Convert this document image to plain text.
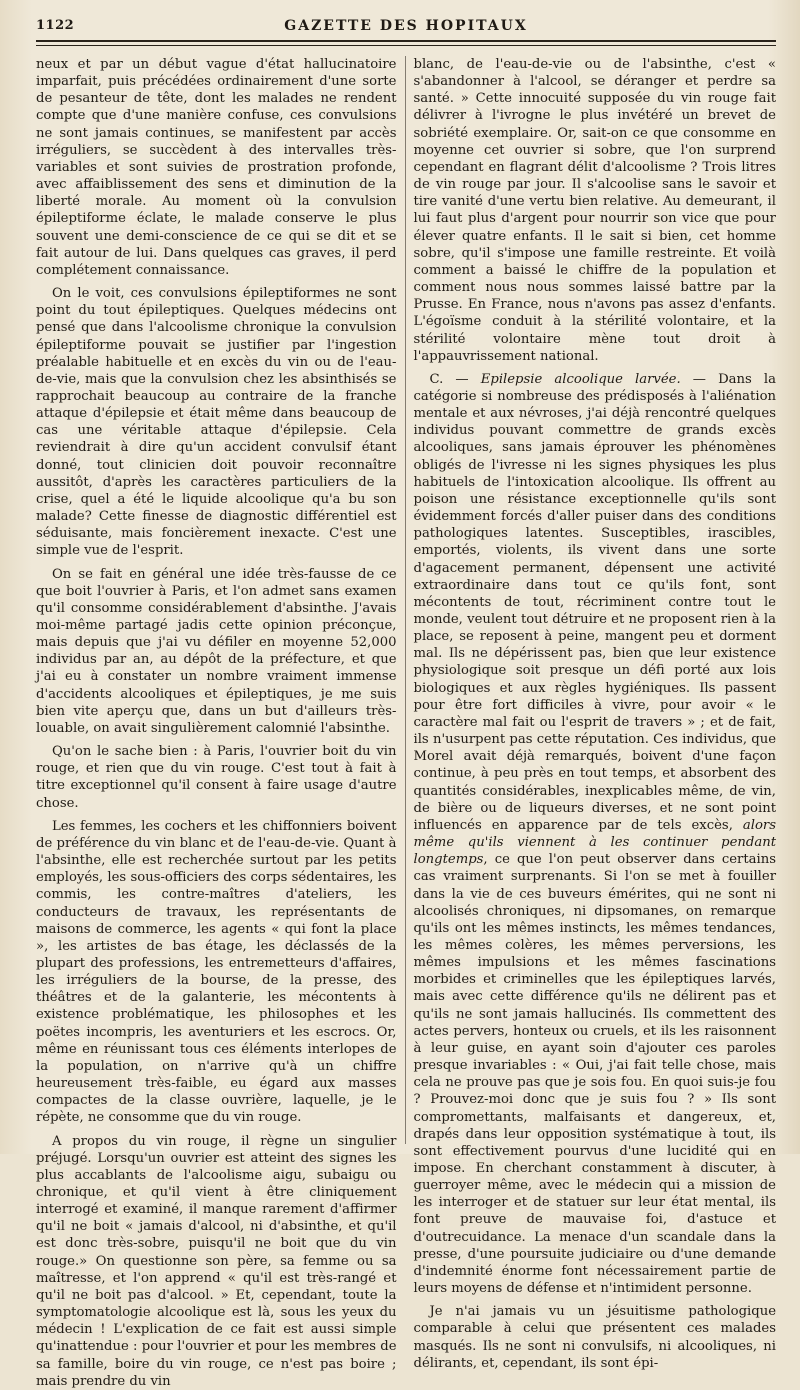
1122	GAZETTE DES HOPITAUX

neux et par un début vague d'état hallucinatoire imparfait, puis précédées ordinairement d'une sorte de pesanteur de tête, dont les malades ne rendent compte que d'une manière confuse, ces convulsions ne sont jamais continues, se manifestent par accès irréguliers, se succèdent à des intervalles très-variables et sont suivies de prostration profonde, avec affaiblissement des sens et diminution de la liberté morale. Au moment où la convulsion épileptiforme éclate, le malade conserve le plus souvent une demi-conscience de ce qui se dit et se fait autour de lui. Dans quelques cas graves, il perd complétement connaissance.

On le voit, ces convulsions épileptiformes ne sont point du tout épileptiques. Quelques médecins ont pensé que dans l'alcoolisme chronique la convulsion épileptiforme pouvait se justifier par l'ingestion préalable habituelle et en excès du vin ou de l'eau-de-vie, mais que la convulsion chez les absinthisés se rapprochait beaucoup au contraire de la franche attaque d'épilepsie et était même dans beaucoup de cas une véritable attaque d'épilepsie. Cela reviendrait à dire qu'un accident convulsif étant donné, tout clinicien doit pouvoir reconnaître aussitôt, d'après les caractères particuliers de la crise, quel a été le liquide alcoolique qu'a bu son malade? Cette finesse de diagnostic différentiel est séduisante, mais foncièrement inexacte. C'est une simple vue de l'esprit.

On se fait en général une idée très-fausse de ce que boit l'ouvrier à Paris, et l'on admet sans examen qu'il consomme considérablement d'absinthe. J'avais moi-même partagé jadis cette opinion préconçue, mais depuis que j'ai vu défiler en moyenne 52,000 individus par an, au dépôt de la préfecture, et que j'ai eu à constater un nombre vraiment immense d'accidents alcooliques et épileptiques, je me suis bien vite aperçu que, dans un but d'ailleurs très-louable, on avait singulièrement calomnié l'absinthe.

Qu'on le sache bien : à Paris, l'ouvrier boit du vin rouge, et rien que du vin rouge. C'est tout à fait à titre exceptionnel qu'il consent à faire usage d'autre chose.

Les femmes, les cochers et les chiffonniers boivent de préférence du vin blanc et de l'eau-de-vie. Quant à l'absinthe, elle est recherchée surtout par les petits employés, les sous-officiers des corps sédentaires, les commis, les contre-maîtres d'ateliers, les conducteurs de travaux, les représentants de maisons de commerce, les agents « qui font la place », les artistes de bas étage, les déclassés de la plupart des professions, les entremetteurs d'affaires, les irréguliers de la bourse, de la presse, des théâtres et de la galanterie, les mécontents à existence problématique, les philosophes et les poëtes incompris, les aventuriers et les escrocs. Or, même en réunissant tous ces éléments interlopes de la population, on n'arrive qu'à un chiffre heureusement très-faible, eu égard aux masses compactes de la classe ouvrière, laquelle, je le répète, ne consomme que du vin rouge.

A propos du vin rouge, il règne un singulier préjugé. Lorsqu'un ouvrier est atteint des signes les plus accablants de l'alcoolisme aigu, subaigu ou chronique, et qu'il vient à être cliniquement interrogé et examiné, il manque rarement d'affirmer qu'il ne boit « jamais d'alcool, ni d'absinthe, et qu'il est donc très-sobre, puisqu'il ne boit que du vin rouge.» On questionne son père, sa femme ou sa maîtresse, et l'on apprend « qu'il est très-rangé et qu'il ne boit pas d'alcool. » Et, cependant, toute la symptomatologie alcoolique est là, sous les yeux du médecin ! L'explication de ce fait est aussi simple qu'inattendue : pour l'ouvrier et pour les membres de sa famille, boire du vin rouge, ce n'est pas boire ; mais prendre du vin

blanc, de l'eau-de-vie ou de l'absinthe, c'est « s'abandonner à l'alcool, se déranger et perdre sa santé. » Cette innocuité supposée du vin rouge fait délivrer à l'ivrogne le plus invétéré un brevet de sobriété exemplaire. Or, sait-on ce que consomme en moyenne cet ouvrier si sobre, que l'on surprend cependant en flagrant délit d'alcoolisme ? Trois litres de vin rouge par jour. Il s'alcoolise sans le savoir et tire vanité d'une vertu bien relative. Au demeurant, il lui faut plus d'argent pour nourrir son vice que pour élever quatre enfants. Il le sait si bien, cet homme sobre, qu'il s'impose une famille restreinte. Et voilà comment a baissé le chiffre de la population et comment nous nous sommes laissé battre par la Prusse. En France, nous n'avons pas assez d'enfants. L'égoïsme conduit à la stérilité volontaire, et la stérilité volontaire mène tout droit à l'appauvrissement national.

C. — Epilepsie alcoolique larvée. — Dans la catégorie si nombreuse des prédisposés à l'aliénation mentale et aux névroses, j'ai déjà rencontré quelques individus pouvant commettre de grands excès alcooliques, sans jamais éprouver les phénomènes obligés de l'ivresse ni les signes physiques les plus habituels de l'intoxication alcoolique. Ils offrent au poison une résistance exceptionnelle qu'ils sont évidemment forcés d'aller puiser dans des conditions pathologiques latentes. Susceptibles, irascibles, emportés, violents, ils vivent dans une sorte d'agacement permanent, dépensent une activité extraordinaire dans tout ce qu'ils font, sont mécontents de tout, récriminent contre tout le monde, veulent tout détruire et ne proposent rien à la place, se reposent à peine, mangent peu et dorment mal. Ils ne dépérissent pas, bien que leur existence physiologique soit presque un défi porté aux lois biologiques et aux règles hygiéniques. Ils passent pour être fort difficiles à vivre, pour avoir « le caractère mal fait ou l'esprit de travers » ; et de fait, ils n'usurpent pas cette réputation. Ces individus, que Morel avait déjà remarqués, boivent d'une façon continue, à peu près en tout temps, et absorbent des quantités considérables, inexplicables même, de vin, de bière ou de liqueurs diverses, et ne sont point influencés en apparence par de tels excès, alors même qu'ils viennent à les continuer pendant longtemps, ce que l'on peut observer dans certains cas vraiment surprenants. Si l'on se met à fouiller dans la vie de ces buveurs émérites, qui ne sont ni alcoolisés chroniques, ni dipsomanes, on remarque qu'ils ont les mêmes instincts, les mêmes tendances, les mêmes colères, les mêmes perversions, les mêmes impulsions et les mêmes fascinations morbides et criminelles que les épileptiques larvés, mais avec cette différence qu'ils ne délirent pas et qu'ils ne sont jamais hallucinés. Ils commettent des actes pervers, honteux ou cruels, et ils les raisonnent à leur guise, en ayant soin d'ajouter ces paroles presque invariables : « Oui, j'ai fait telle chose, mais cela ne prouve pas que je sois fou. En quoi suis-je fou ? Prouvez-moi donc que je suis fou ? » Ils sont compromettants, malfaisants et dangereux, et, drapés dans leur opposition systématique à tout, ils sont effectivement pourvus d'une lucidité qui en impose. En cherchant constamment à discuter, à guerroyer même, avec le médecin qui a mission de les interroger et de statuer sur leur état mental, ils font preuve de mauvaise foi, d'astuce et d'outrecuidance. La menace d'un scandale dans la presse, d'une poursuite judiciaire ou d'une demande d'indemnité énorme font nécessairement partie de leurs moyens de défense et n'intimident personne.

Je n'ai jamais vu un jésuitisme pathologique comparable à celui que présentent ces malades masqués. Ils ne sont ni convulsifs, ni alcooliques, ni délirants, et, cependant, ils sont épi-
